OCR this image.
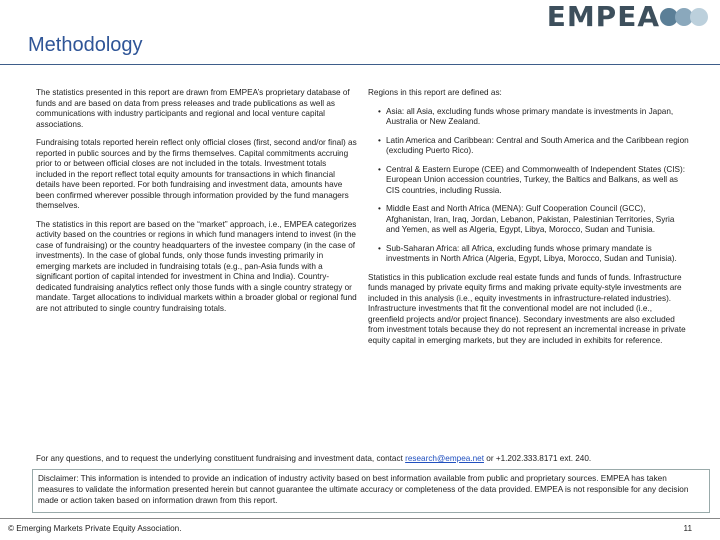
EMPEA
Methodology

The statistics presented in this report are drawn from EMPEA’s proprietary database of funds and are based on data from press releases and trade publications as well as communications with industry participants and regional and local venture capital associations.

Fundraising totals reported herein reflect only official closes (first, second and/or final) as reported in public sources and by the firms themselves. Capital commitments accruing prior to or between official closes are not included in the totals. Investment totals included in the report reflect total equity amounts for transactions in which financial details have been reported. For both fundraising and investment data, amounts have been confirmed wherever possible through information provided by the fund managers themselves.

The statistics in this report are based on the “market” approach, i.e., EMPEA categorizes activity based on the countries or regions in which fund managers intend to invest (in the case of fundraising) or the country headquarters of the investee company (in the case of investments). In the case of global funds, only those funds investing primarily in emerging markets are included in fundraising totals (e.g., pan-Asia funds with a significant portion of capital intended for investment in China and India). Country-dedicated fundraising analytics reflect only those funds with a single country strategy or mandate. Target allocations to individual markets within a broader global or regional fund are not attributed to single country fundraising totals.

Regions in this report are defined as:

• Asia: all Asia, excluding funds whose primary mandate is investments in Japan, Australia or New Zealand.
• Latin America and Caribbean: Central and South America and the Caribbean region (excluding Puerto Rico).
• Central & Eastern Europe (CEE) and Commonwealth of Independent States (CIS): European Union accession countries, Turkey, the Baltics and Balkans, as well as CIS countries, including Russia.
• Middle East and North Africa (MENA): Gulf Cooperation Council (GCC), Afghanistan, Iran, Iraq, Jordan, Lebanon, Pakistan, Palestinian Territories, Syria and Yemen, as well as Algeria, Egypt, Libya, Morocco, Sudan and Tunisia.
• Sub-Saharan Africa: all Africa, excluding funds whose primary mandate is investments in North Africa (Algeria, Egypt, Libya, Morocco, Sudan and Tunisia).

Statistics in this publication exclude real estate funds and funds of funds. Infrastructure funds managed by private equity firms and making private equity-style investments are included in this analysis (i.e., equity investments in infrastructure-related industries). Infrastructure investments that fit the conventional model are not included (i.e., greenfield projects and/or project finance). Secondary investments are also excluded from investment totals because they do not represent an incremental increase in private equity capital in emerging markets, but they are included in exhibits for reference.

For any questions, and to request the underlying constituent fundraising and investment data, contact research@empea.net or +1.202.333.8171 ext. 240.
Disclaimer: This information is intended to provide an indication of industry activity based on best information available from public and proprietary sources. EMPEA has taken measures to validate the information presented herein but cannot guarantee the ultimate accuracy or completeness of the data provided. EMPEA is not responsible for any decision made or action taken based on information drawn from this report.
© Emerging Markets Private Equity Association.	11
